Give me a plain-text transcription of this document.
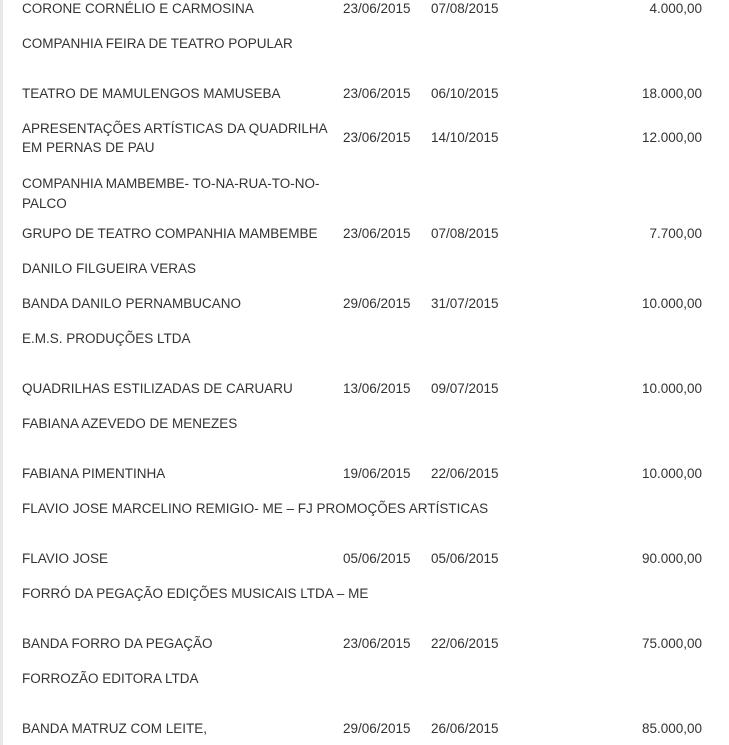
CORONE CORNÉLIO E CARMOSINA	23/06/2015 07/08/2015	4.000,00
COMPANHIA FEIRA DE TEATRO POPULAR
TEATRO DE MAMULENGOS MAMUSEBA	23/06/2015 06/10/2015	18.000,00
APRESENTAÇÕES ARTÍSTICAS DA QUADRILHA
EM PERNAS DE PAU
23/06/2015 14/10/2015	12.000,00
COMPANHIA MAMBEMBE- TO-NA-RUA-TO-NO-PALCO
GRUPO DE TEATRO COMPANHIA MAMBEMBE	23/06/2015 07/08/2015	7.700,00
DANILO FILGUEIRA VERAS
BANDA DANILO PERNAMBUCANO	29/06/2015 31/07/2015	10.000,00
E.M.S. PRODUÇÕES LTDA
QUADRILHAS ESTILIZADAS DE CARUARU	13/06/2015 09/07/2015	10.000,00
FABIANA AZEVEDO DE MENEZES
FABIANA PIMENTINHA	19/06/2015 22/06/2015	10.000,00
FLAVIO JOSE MARCELINO REMIGIO- ME – FJ PROMOÇÕES ARTÍSTICAS
FLAVIO JOSE	05/06/2015 05/06/2015	90.000,00
FORRÓ DA PEGAÇÃO EDIÇÕES MUSICAIS LTDA – ME
BANDA FORRO DA PEGAÇÃO	23/06/2015 22/06/2015	75.000,00
FORROZÃO EDITORA LTDA
BANDA MATRUZ COM LEITE,	29/06/2015 26/06/2015	85.000,00
